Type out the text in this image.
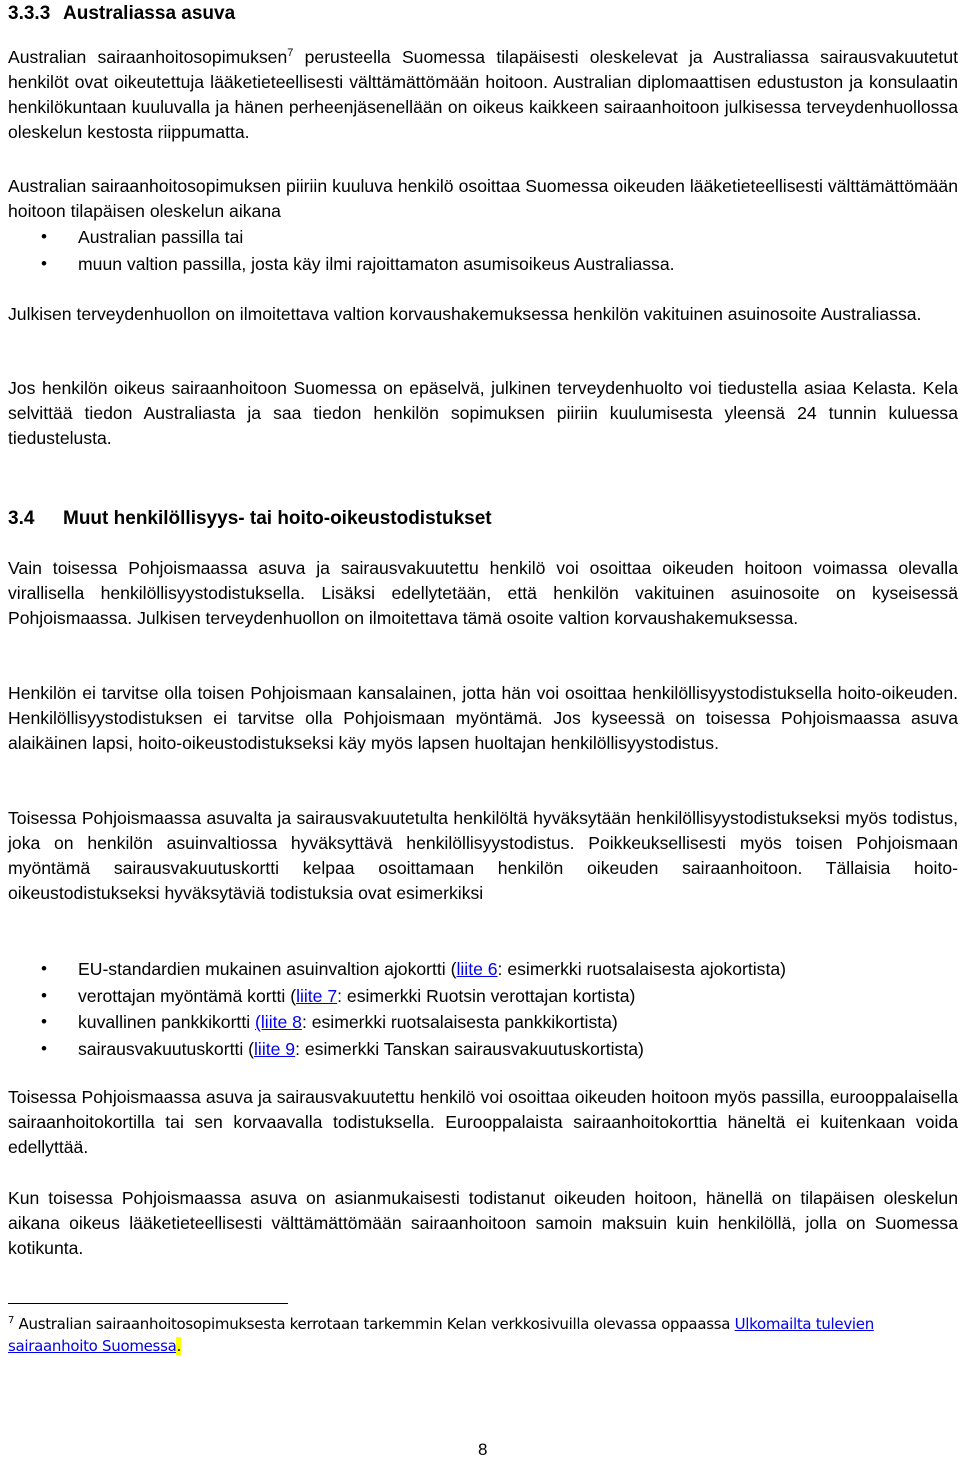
3.3.3 Australiassa asuva

Australian sairaanhoitosopimuksen$^7$ perusteella Suomessa tilapäisesti oleskelevat ja Australiassa sairausvakuutetut henkilöt ovat oikeutettuja lääketieteellisesti välttämättömään hoitoon. Australian diplomaattisen edustuston ja konsulaatin henkilökuntaan kuuluvalla ja hänen perheenjäsenellään on oikeus kaikkeen sairaanhoitoon julkisessa terveydenhuollossa oleskelun kestosta riippumatta.

Australian sairaanhoitosopimuksen piiriin kuuluva henkilö osoittaa Suomessa oikeuden lääketieteellisesti välttämättömään hoitoon tilapäisen oleskelun aikana

• Australian passilla tai
• muun valtion passilla, josta käy ilmi rajoittamaton asumisoikeus Australiassa.

Julkisen terveydenhuollon on ilmoitettava valtion korvaushakemuksessa henkilön vakituinen asuinosoite Australiassa.

Jos henkilön oikeus sairaanhoitoon Suomessa on epäselvä, julkinen terveydenhuolto voi tiedustella asiaa Kelasta. Kela selvittää tiedon Australiasta ja saa tiedon henkilön sopimuksen piiriin kuulumisesta yleensä 24 tunnin kuluessa tiedustelusta.

3.4 Muut henkilöllisyys- tai hoito-oikeustodistukset

Vain toisessa Pohjoismaassa asuva ja sairausvakuutettu henkilö voi osoittaa oikeuden hoitoon voimassa olevalla virallisella henkilöllisyystodistuksella. Lisäksi edellytetään, että henkilön vakituinen asuinosoite on kyseisessä Pohjoismaassa. Julkisen terveydenhuollon on ilmoitettava tämä osoite valtion korvaushakemuksessa.

Henkilön ei tarvitse olla toisen Pohjoismaan kansalainen, jotta hän voi osoittaa henkilöllisyystodistuksella hoito-oikeuden. Henkilöllisyystodistuksen ei tarvitse olla Pohjoismaan myöntämä. Jos kyseessä on toisessa Pohjoismaassa asuva alaikäinen lapsi, hoito-oikeustodistukseksi käy myös lapsen huoltajan henkilöllisyystodistus.

Toisessa Pohjoismaassa asuvalta ja sairausvakuutetulta henkilöltä hyväksytään henkilöllisyystodistukseksi myös todistus, joka on henkilön asuinvaltiossa hyväksyttävä henkilöllisyystodistus. Poikkeuksellisesti myös toisen Pohjoismaan myöntämä sairausvakuutuskortti kelpaa osoittamaan henkilön oikeuden sairaanhoitoon. Tällaisia hoito-oikeustodistukseksi hyväksytäviä todistuksia ovat esimerkiksi

• EU-standardien mukainen asuinvaltion ajokortti (liite 6: esimerkki ruotsalaisesta ajokortista)
• verottajan myöntämä kortti (liite 7: esimerkki Ruotsin verottajan kortista)
• kuvallinen pankkikortti (liite 8: esimerkki ruotsalaisesta pankkikortista)
• sairausvakuutuskortti (liite 9: esimerkki Tanskan sairausvakuutuskortista)

Toisessa Pohjoismaassa asuva ja sairausvakuutettu henkilö voi osoittaa oikeuden hoitoon myös passilla, eurooppalaisella sairaanhoitokortilla tai sen korvaavalla todistuksella. Eurooppalaista sairaanhoitokorttia häneltä ei kuitenkaan voida edellyttää.

Kun toisessa Pohjoismaassa asuva on asianmukaisesti todistanut oikeuden hoitoon, hänellä on tilapäisen oleskelun aikana oikeus lääketieteellisesti välttämättömään sairaanhoitoon samoin maksuin kuin henkilöllä, jolla on Suomessa kotikunta.

$^7$ Australian sairaanhoitosopimuksesta kerrotaan tarkemmin Kelan verkkosivuilla olevassa oppaassa Ulkomailta tulevien sairaanhoito Suomessa.
8
